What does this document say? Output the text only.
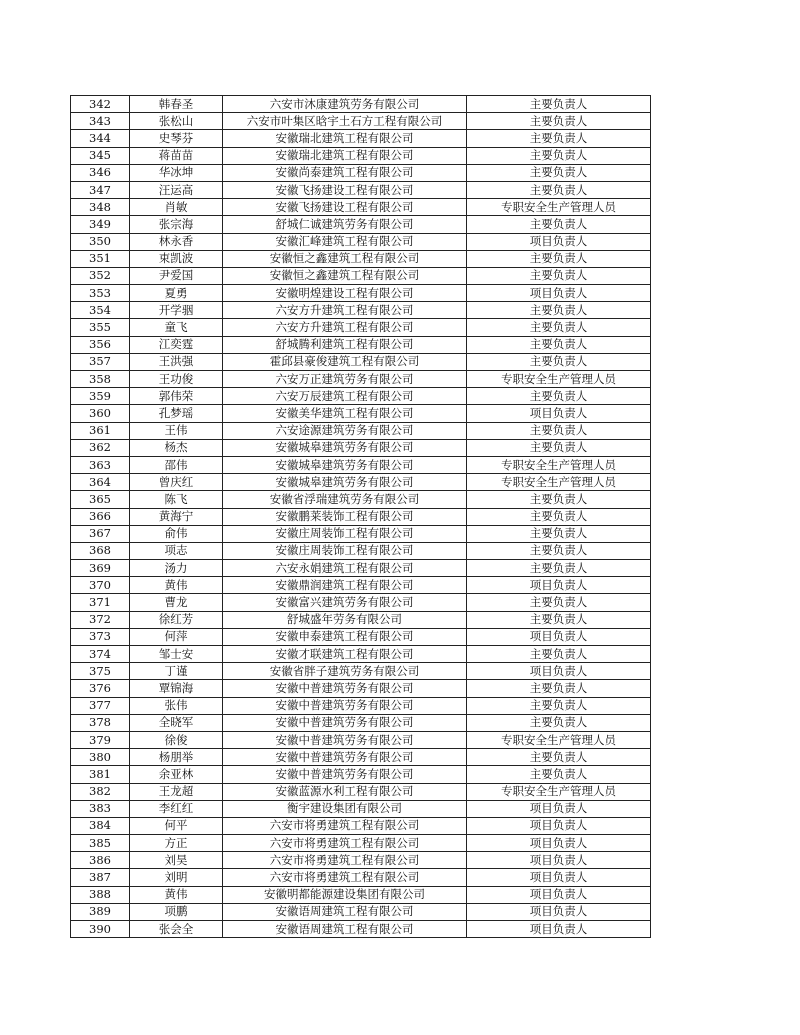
342	韩春圣	六安市沐康建筑劳务有限公司	主要负责人
343	张松山	六安市叶集区晗宇土石方工程有限公司	主要负责人
344	史琴芬	安徽瑞北建筑工程有限公司	主要负责人
345	蒋苗苗	安徽瑞北建筑工程有限公司	主要负责人
346	华冰坤	安徽尚泰建筑工程有限公司	主要负责人
347	汪运高	安徽飞扬建设工程有限公司	主要负责人
348	肖敏	安徽飞扬建设工程有限公司	专职安全生产管理人员
349	张宗海	舒城仁诚建筑劳务有限公司	主要负责人
350	林永香	安徽汇峰建筑工程有限公司	项目负责人
351	束凯波	安徽恒之鑫建筑工程有限公司	主要负责人
352	尹爱国	安徽恒之鑫建筑工程有限公司	主要负责人
353	夏勇	安徽明煌建设工程有限公司	项目负责人
354	开学骃	六安方升建筑工程有限公司	主要负责人
355	童飞	六安方升建筑工程有限公司	主要负责人
356	江奕霆	舒城腾利建筑工程有限公司	主要负责人
357	王洪强	霍邱县豪俊建筑工程有限公司	主要负责人
358	王功俊	六安万正建筑劳务有限公司	专职安全生产管理人员
359	郭伟荣	六安万辰建筑工程有限公司	主要负责人
360	孔梦瑶	安徽美华建筑工程有限公司	项目负责人
361	王伟	六安途源建筑劳务有限公司	主要负责人
362	杨杰	安徽城皋建筑劳务有限公司	主要负责人
363	邵伟	安徽城皋建筑劳务有限公司	专职安全生产管理人员
364	曾庆红	安徽城皋建筑劳务有限公司	专职安全生产管理人员
365	陈飞	安徽省浮瑞建筑劳务有限公司	主要负责人
366	黄海宁	安徽鹏莱装饰工程有限公司	主要负责人
367	俞伟	安徽庄周装饰工程有限公司	主要负责人
368	项志	安徽庄周装饰工程有限公司	主要负责人
369	汤力	六安永娟建筑工程有限公司	主要负责人
370	黄伟	安徽鼎润建筑工程有限公司	项目负责人
371	曹龙	安徽富兴建筑劳务有限公司	主要负责人
372	徐红芳	舒城盛年劳务有限公司	主要负责人
373	何萍	安徽申泰建筑工程有限公司	项目负责人
374	邹士安	安徽才联建筑工程有限公司	主要负责人
375	丁谨	安徽省胖子建筑劳务有限公司	项目负责人
376	覃锦海	安徽中普建筑劳务有限公司	主要负责人
377	张伟	安徽中普建筑劳务有限公司	主要负责人
378	全晓军	安徽中普建筑劳务有限公司	主要负责人
379	徐俊	安徽中普建筑劳务有限公司	专职安全生产管理人员
380	杨朋举	安徽中普建筑劳务有限公司	主要负责人
381	余亚林	安徽中普建筑劳务有限公司	主要负责人
382	王龙超	安徽蓝源水利工程有限公司	专职安全生产管理人员
383	李红红	衡宇建设集团有限公司	项目负责人
384	何平	六安市将勇建筑工程有限公司	项目负责人
385	方正	六安市将勇建筑工程有限公司	项目负责人
386	刘昊	六安市将勇建筑工程有限公司	项目负责人
387	刘明	六安市将勇建筑工程有限公司	项目负责人
388	黄伟	安徽明都能源建设集团有限公司	项目负责人
389	项鹏	安徽语周建筑工程有限公司	项目负责人
390	张会全	安徽语周建筑工程有限公司	项目负责人
